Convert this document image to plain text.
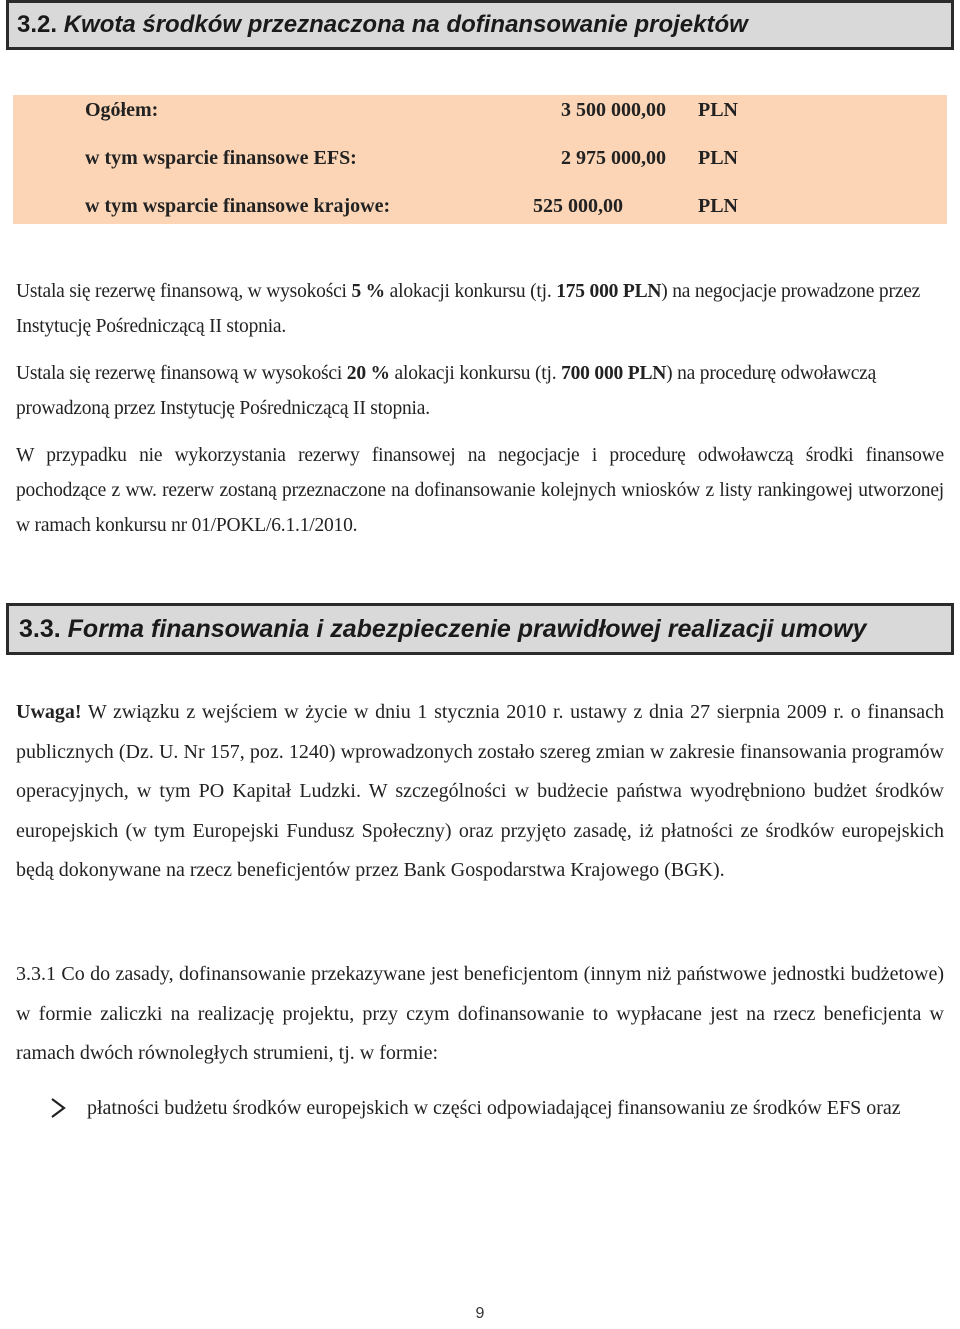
3.2. Kwota środków przeznaczona na dofinansowanie projektów
Ogółem:	3 500 000,00 PLN
w tym wsparcie finansowe EFS:	2 975 000,00 PLN
w tym wsparcie finansowe krajowe:	525 000,00	PLN

Ustala się rezerwę finansową, w wysokości 5 % alokacji konkursu (tj. 175 000 PLN) na negocjacje prowadzone przez Instytucję Pośredniczącą II stopnia.

Ustala się rezerwę finansową w wysokości 20 % alokacji konkursu (tj. 700 000 PLN) na procedurę odwoławczą prowadzoną przez Instytucję Pośredniczącą II stopnia.

W przypadku nie wykorzystania rezerwy finansowej na negocjacje i procedurę odwoławczą środki finansowe pochodzące z ww. rezerw zostaną przeznaczone na dofinansowanie kolejnych wniosków z listy rankingowej utworzonej w ramach konkursu nr 01/POKL/6.1.1/2010.

3.3. Forma finansowania i zabezpieczenie prawidłowej realizacji umowy

Uwaga! W związku z wejściem w życie w dniu 1 stycznia 2010 r. ustawy z dnia 27 sierpnia 2009 r. o finansach publicznych (Dz. U. Nr 157, poz. 1240) wprowadzonych zostało szereg zmian w zakresie finansowania programów operacyjnych, w tym PO Kapitał Ludzki. W szczególności w budżecie państwa wyodrębniono budżet środków europejskich (w tym Europejski Fundusz Społeczny) oraz przyjęto zasadę, iż płatności ze środków europejskich będą dokonywane na rzecz beneficjentów przez Bank Gospodarstwa Krajowego (BGK).

3.3.1 Co do zasady, dofinansowanie przekazywane jest beneficjentom (innym niż państwowe jednostki budżetowe) w formie zaliczki na realizację projektu, przy czym dofinansowanie to wypłacane jest na rzecz beneficjenta w ramach dwóch równoległych strumieni, tj. w formie:

płatności budżetu środków europejskich w części odpowiadającej finansowaniu ze środków EFS oraz
9
